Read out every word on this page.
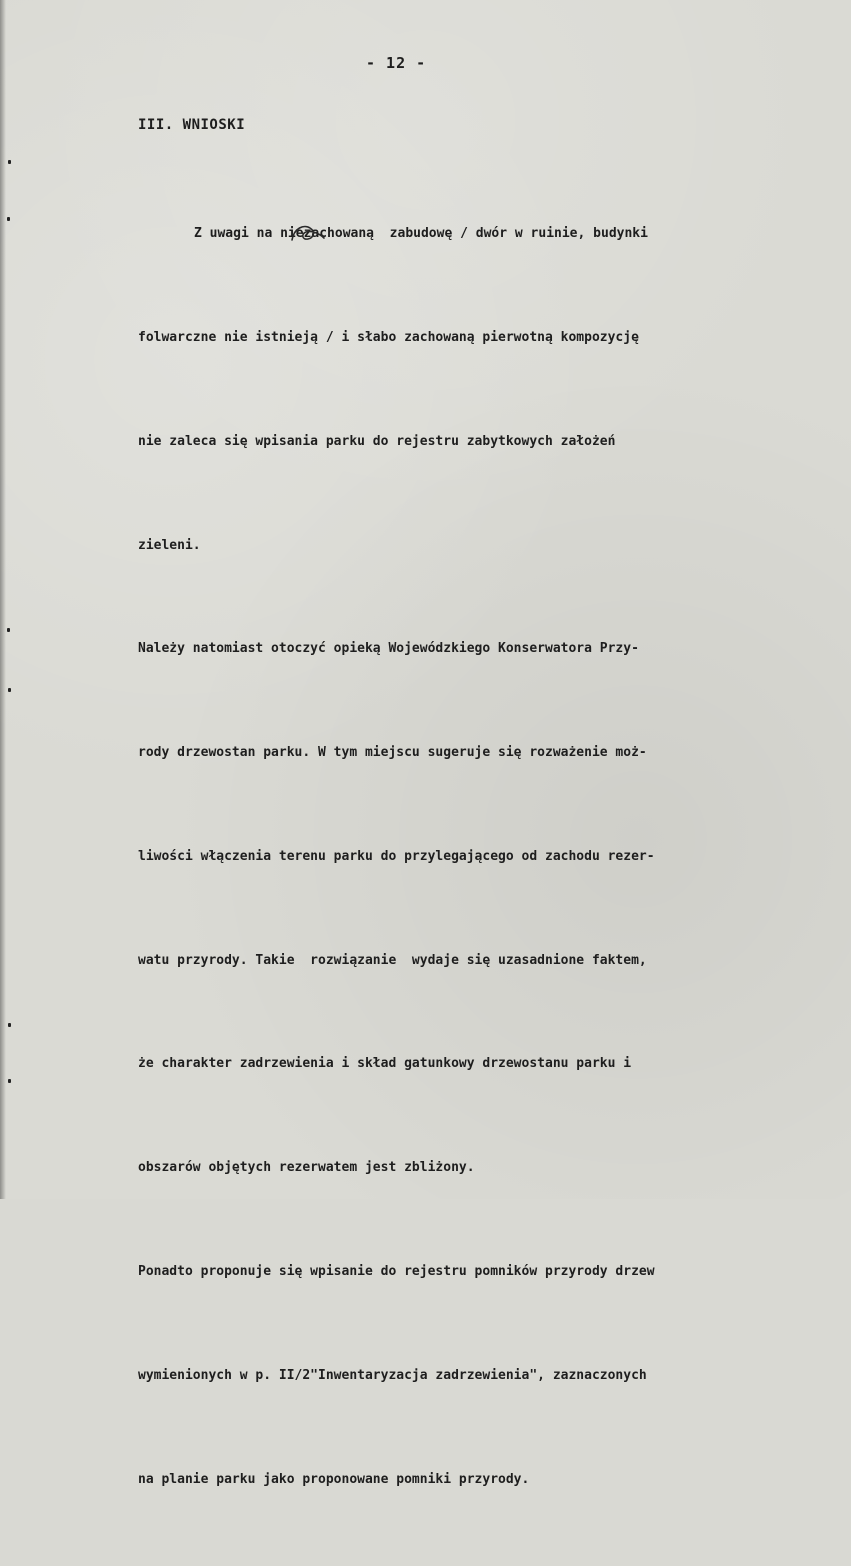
- 12 -
III. WNIOSKI

Z uwagi na niezachowaną  zabudowę / dwór w ruinie, budynki

folwarczne nie istnieją / i słabo zachowaną pierwotną kompozycję

nie zaleca się wpisania parku do rejestru zabytkowych założeń

zieleni.

Należy natomiast otoczyć opieką Wojewódzkiego Konserwatora Przy-

rody drzewostan parku. W tym miejscu sugeruje się rozważenie moż-

liwości włączenia terenu parku do przylegającego od zachodu rezer-

watu przyrody. Takie  rozwiązanie  wydaje się uzasadnione faktem,

że charakter zadrzewienia i skład gatunkowy drzewostanu parku i

obszarów objętych rezerwatem jest zbliżony.

Ponadto proponuje się wpisanie do rejestru pomników przyrody drzew

wymienionych w p. II/2"Inwentaryzacja zadrzewienia", zaznaczonych

na planie parku jako proponowane pomniki przyrody.
